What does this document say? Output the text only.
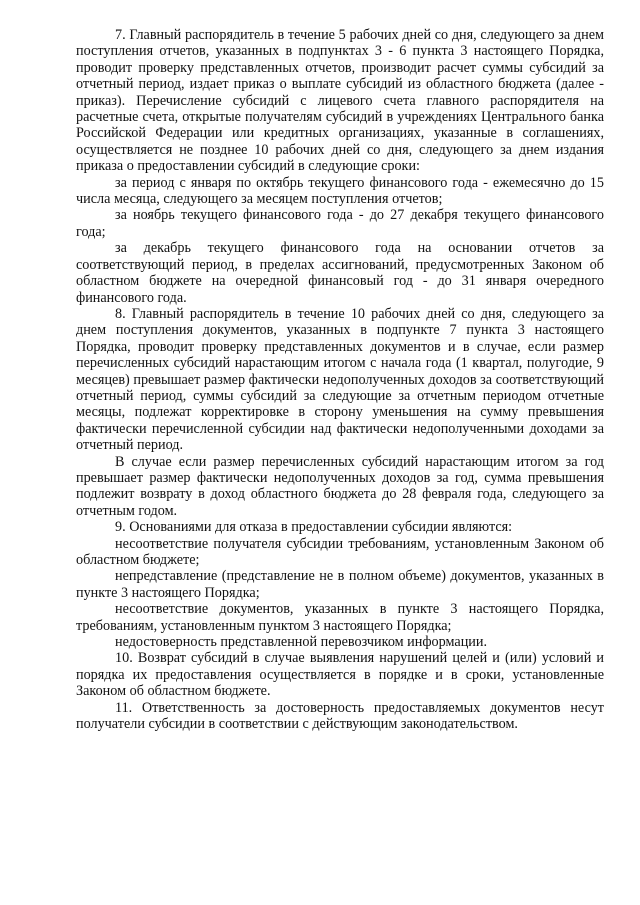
7. Главный распорядитель в течение 5 рабочих дней со дня, следующего за днем поступления отчетов, указанных в подпунктах 3 - 6 пункта 3 настоящего Порядка, проводит проверку представленных отчетов, производит расчет суммы субсидий за отчетный период, издает приказ о выплате субсидий из областного бюджета (далее - приказ). Перечисление субсидий с лицевого счета главного распорядителя на расчетные счета, открытые получателям субсидий в учреждениях Центрального банка Российской Федерации или кредитных организациях, указанные в соглашениях, осуществляется не позднее 10 рабочих дней со дня, следующего за днем издания приказа о предоставлении субсидий в следующие сроки:

за период с января по октябрь текущего финансового года - ежемесячно до 15 числа месяца, следующего за месяцем поступления отчетов;

за ноябрь текущего финансового года - до 27 декабря текущего финансового года;

за декабрь текущего финансового года на основании отчетов за соответствующий период, в пределах ассигнований, предусмотренных Законом об областном бюджете на очередной финансовый год - до 31 января очередного финансового года.

8. Главный распорядитель в течение 10 рабочих дней со дня, следующего за днем поступления документов, указанных в подпункте 7 пункта 3 настоящего Порядка, проводит проверку представленных документов и в случае, если размер перечисленных субсидий нарастающим итогом с начала года (1 квартал, полугодие, 9 месяцев) превышает размер фактически недополученных доходов за соответствующий отчетный период, суммы субсидий за следующие за отчетным периодом отчетные месяцы, подлежат корректировке в сторону уменьшения на сумму превышения фактически перечисленной субсидии над фактически недополученными доходами за отчетный период.

В случае если размер перечисленных субсидий нарастающим итогом за год превышает размер фактически недополученных доходов за год, сумма превышения подлежит возврату в доход областного бюджета до 28 февраля года, следующего за отчетным годом.

9. Основаниями для отказа в предоставлении субсидии являются:

несоответствие получателя субсидии требованиям, установленным Законом об областном бюджете;

непредставление (представление не в полном объеме) документов, указанных в пункте 3 настоящего Порядка;

несоответствие документов, указанных в пункте 3 настоящего Порядка, требованиям, установленным пунктом 3 настоящего Порядка;

недостоверность представленной перевозчиком информации.

10. Возврат субсидий в случае выявления нарушений целей и (или) условий и порядка их предоставления осуществляется в порядке и в сроки, установленные Законом об областном бюджете.

11. Ответственность за достоверность предоставляемых документов несут получатели субсидии в соответствии с действующим законодательством.
